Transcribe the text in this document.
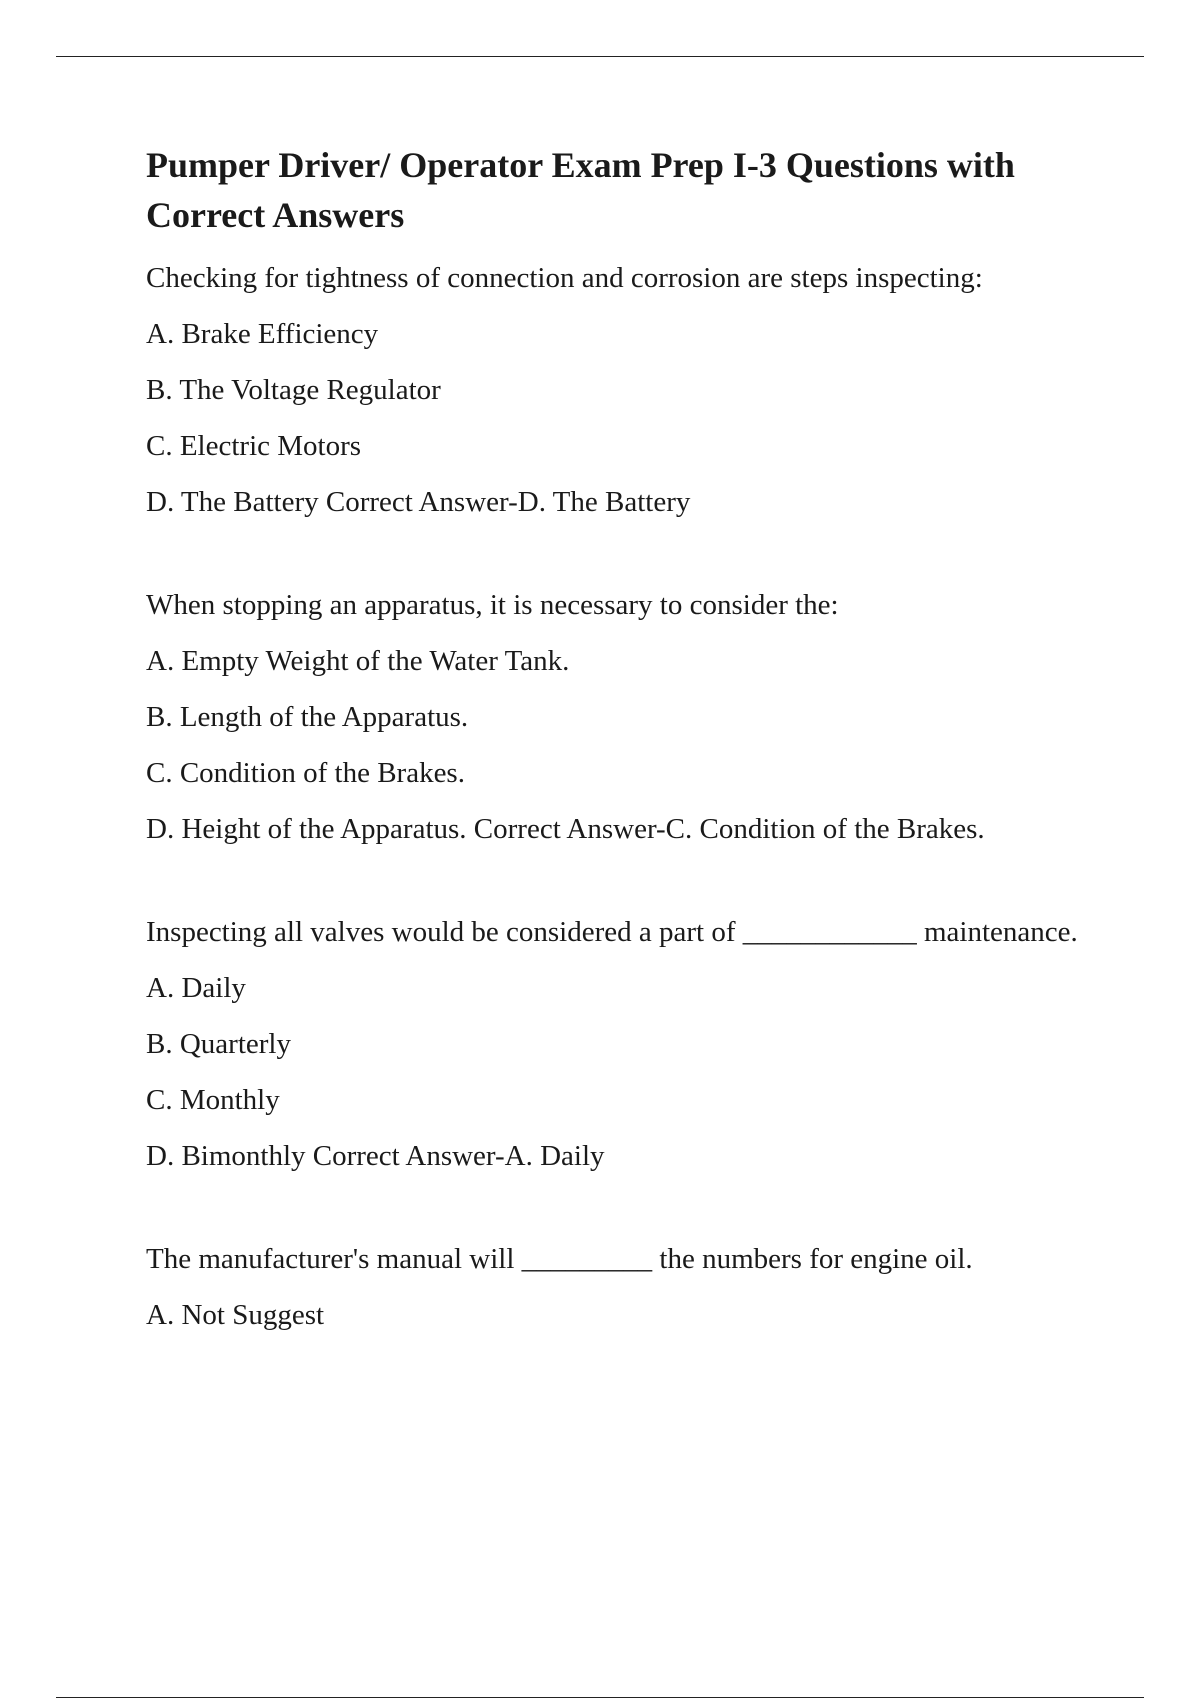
Pumper Driver/ Operator Exam Prep I-3 Questions with Correct Answers

Checking for tightness of connection and corrosion are steps inspecting:

A. Brake Efficiency

B. The Voltage Regulator

C. Electric Motors

D. The Battery Correct Answer-D. The Battery

When stopping an apparatus, it is necessary to consider the:

A. Empty Weight of the Water Tank.

B. Length of the Apparatus.

C. Condition of the Brakes.

D. Height of the Apparatus. Correct Answer-C. Condition of the Brakes.

Inspecting all valves would be considered a part of ____________ maintenance.

A. Daily

B. Quarterly

C. Monthly

D. Bimonthly Correct Answer-A. Daily

The manufacturer's manual will _________ the numbers for engine oil.

A. Not Suggest
